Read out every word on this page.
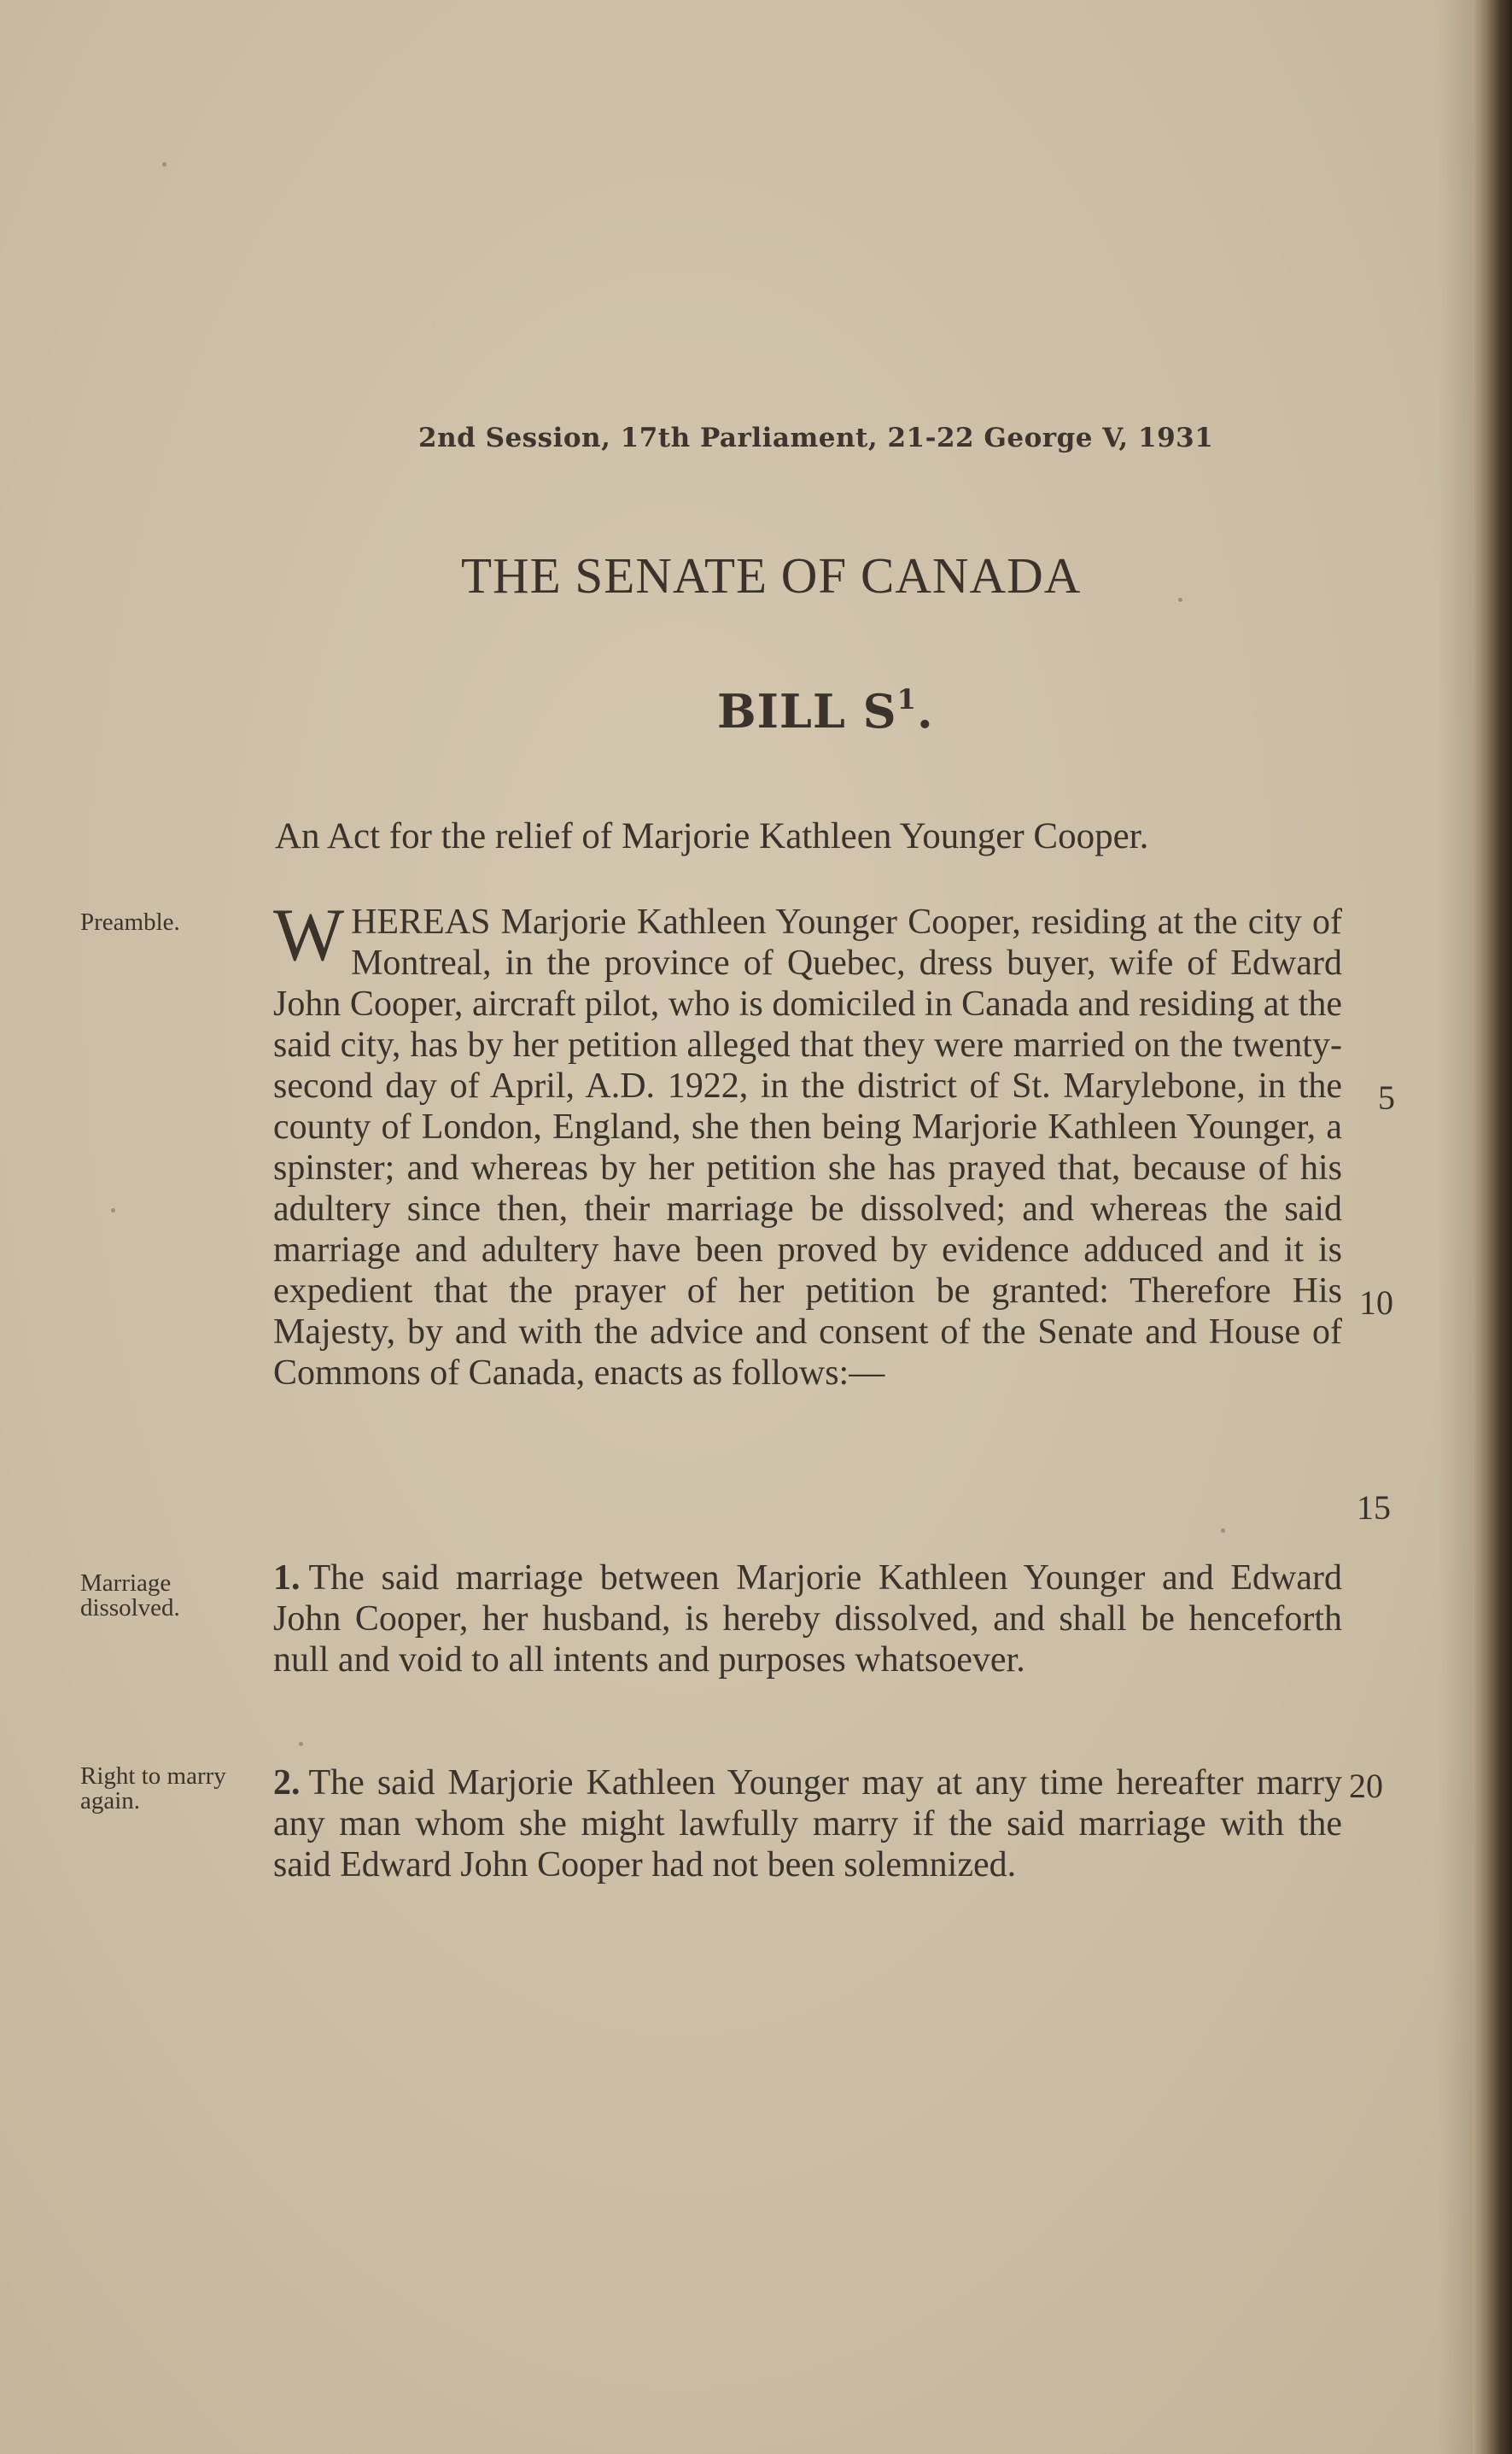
2nd Session, 17th Parliament, 21-22 George V, 1931
THE SENATE OF CANADA
BILL $S^1$.
An Act for the relief of Marjorie Kathleen Younger Cooper.
Preamble.	WHEREAS Marjorie Kathleen Younger Cooper, residing at the city of Montreal, in the province of Quebec, dress buyer, wife of Edward John Cooper, aircraft pilot, who is domiciled in Canada and residing at the said city, has by her petition alleged that they were married on the twenty-second day of April, A.D. 1922, in the district of St. Marylebone, in the county of London, England, she then being Marjorie Kathleen Younger, a spinster; and whereas by her petition she has prayed that, because of his adultery since then, their marriage be dissolved; and whereas the said marriage and adultery have been proved by evidence adduced and it is expedient that the prayer of her petition be granted: Therefore His Majesty, by and with the advice and consent of the Senate and House of Commons of Canada, enacts as follows:—
Marriage dissolved.
1. The said marriage between Marjorie Kathleen Younger and Edward John Cooper, her husband, is hereby dissolved, and shall be henceforth null and void to all intents and purposes whatsoever.
Right to marry again.	2. The said Marjorie Kathleen Younger may at any time hereafter marry any man whom she might lawfully marry if the said marriage with the said Edward John Cooper had not been solemnized.
5
10
15
20
